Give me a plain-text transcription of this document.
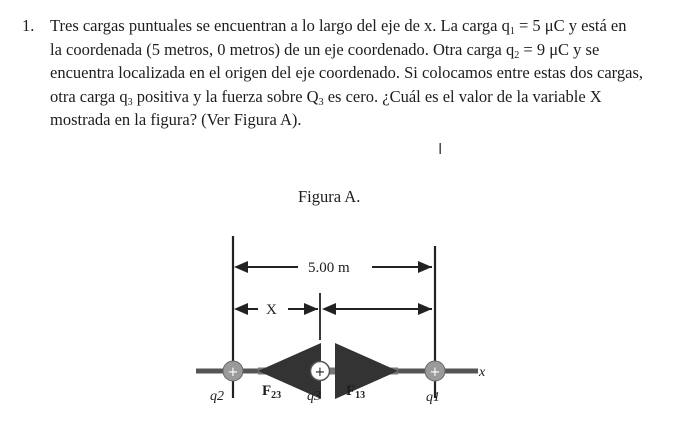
1. Tres cargas puntuales se encuentran a lo largo del eje de x. La carga $q_1 = 5$ μC y está en
la coordenada (5 metros, 0 metros) de un eje coordenado. Otra carga $q_2 = 9$ μC y se
encuentra localizada en el origen del eje coordenado. Si colocamos entre estas dos cargas,
otra carga $q_3$ positiva y la fuerza sobre $Q_3$ es cero. ¿Cuál es el valor de la variable X
mostrada en la figura? (Ver Figura A).
I
Figura A.
5.00 m
X
x
+	+	+
q2	q3	q1
$F_{23}$	$F_{13}$
